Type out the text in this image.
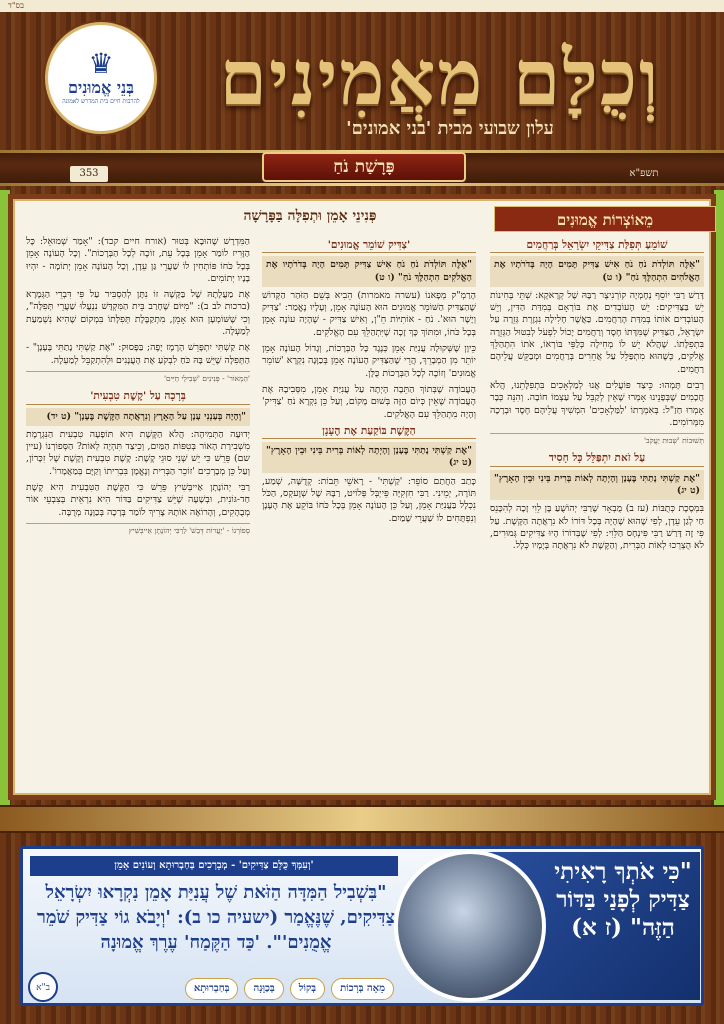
בס"ד
♛
בְּנֵי אֱמוּנִים
להרבות חיים בית המדרש לאמונה	וְכֻלָּם מַאֲמִינִים
עלון שבועי מבית 'בני אמונים'
פָּרָשַׁת נֹחַ
353	תשפ"א
מֵאוֹצְרוֹת אֱמוּנִים
פְּנִינֵי אָמֵן וּתְפִלָּה בַּפָּרָשָׁה
שׁוֹמֵעַ תְּפִלַּת צַדִּיקֵי יִשְׂרָאֵל בְּרַחֲמִים
"אֵלֶּה תּוֹלְדֹת נֹחַ נֹחַ אִישׁ צַדִּיק תָּמִים הָיָה בְּדֹרֹתָיו אֶת הָאֱלֹהִים הִתְהַלֶּךְ נֹחַ" (ו ט)
דָּרַשׁ רַבִּי יוֹסֵף נְחֶמְיָה קוֹרְנִיצֶר רַבָּהּ שֶׁל קְרָאקָא: שְׁתֵּי בְּחִינוֹת יֵשׁ בַּצַּדִּיקִים: יֵשׁ הָעוֹבְדִים אֶת בּוֹרְאָם בְּמִדַּת הַדִּין, וְיֵשׁ הָעוֹבְדִים אוֹתוֹ בְּמִדַּת הָרַחֲמִים. כַּאֲשֶׁר חָלִילָה נִגְזֶרֶת גְּזֵרָה עַל יִשְׂרָאֵל, הַצַּדִּיק שֶׁמִּדָּתוֹ חֶסֶד וְרַחֲמִים יָכוֹל לִפְעֹל לְבִטּוּל הַגְּזֵרָה בִּתְפִלָּתוֹ. שֶׁהֲלֹא יֵשׁ לוֹ מְחִילָה כְּלַפֵּי בּוֹרְאוֹ, אֹתוֹ הִתְהַלֵּךְ אֱלֹקִים, כְּשֶׁהוּא מִתְפַּלֵּל עַל אֲחֵרִים בְּרַחֲמִים וּמְבַקֵּשׁ עֲלֵיהֶם רַחֲמִים.
רְבִים תָּמְהוּ: כֵּיצַד פּוֹעֲלִים אֲנוּ לְמַלְאָכִים בִּתְפִלָּתֵנוּ, הֲלֹא חֲכָמִים שֶׁבְּפָנֵינוּ אָמְרוּ שֶׁאֵין לְקַבֵּל עַל עַצְמוֹ חוֹבָה. וְהִנֵּה כְּבָר אָמְרוּ חַזַ"ל: בְּאִמְרָתוֹ 'לַמַּלְאָכִים' הִמְשִׁיךְ עֲלֵיהֶם חֶסֶד וּבְרָכָה מִמְּרוֹמִים.
תְּשׁוּבוֹת 'שְׁבוּת יַעֲקֹב'
עַל זֹאת יִתְפַּלֵּל כָּל חָסִיד
"אֶת קַשְׁתִּי נָתַתִּי בֶּעָנָן וְהָיְתָה לְאוֹת בְּרִית בֵּינִי וּבֵין הָאָרֶץ" (ט יג)
בִּמְסֶכֶת כְּתֻבּוֹת (עז ב) מֻבְאָר שֶׁרַבִּי יְהוֹשֻׁעַ בֶּן לֵוִי זָכָה לְהִכָּנֵס חַי לְגַן עֵדֶן, לְפִי שֶׁהוּא שֶׁהָיָה בְּכָל דּוֹרוֹ לֹא נִרְאֲתָה הַקֶּשֶׁת. עַל פִּי זֶה דָּרַשׁ רַבִּי פִּינְחָס הַלֵּוִי: לְפִי שֶׁבְּדוֹרוֹ הָיוּ צַדִּיקִים גְּמוּרִים, לֹא הֻצְרְכוּ לְאוֹת הַבְּרִית, וְהַקֶּשֶׁת לֹא נִרְאֲתָה בְּיָמָיו כְּלָל.
'צַדִּיק שׁוֹמֵר אֱמוּנִים'
"אֵלֶּה תּוֹלְדֹת נֹחַ נֹחַ אִישׁ צַדִּיק תָּמִים הָיָה בְּדֹרֹתָיו אֶת הָאֱלֹקִים הִתְהַלֶּךְ נֹחַ" (ו ט)
הָרַמְ"ק מְפָאנוֹ (עשרה מאמרות) הֵבִיא בְּשֵׁם הַזֹּהַר הַקָּדוֹשׁ שֶׁהַצַּדִּיק הַשּׁוֹמֵר אֱמוּנִים הוּא הָעוֹנֶה אָמֵן, וְעָלָיו נֶאֱמַר: 'צַדִּיק וְיָשָׁר הוּא'. נֹחַ - אוֹתִיּוֹת חֵ"ן, וְאִישׁ צַדִּיק - שֶׁהָיָה עוֹנֶה אָמֵן בְּכָל כֹּחוֹ, וּמִתּוֹךְ כָּךְ זָכָה שֶׁיִּתְהַלֵּךְ עִם הָאֱלֹקִים.
כֵּיוָן שֶׁשְּׁקוּלָה עֲנִיַּת אָמֵן כְּנֶגֶד כָּל הַבְּרָכוֹת, וְגָדוֹל הָעוֹנֶה אָמֵן יוֹתֵר מִן הַמְבָרֵךְ, הֲרֵי שֶׁהַצַּדִּיק הָעוֹנֶה אָמֵן בְּכַוָּנָה נִקְרָא 'שׁוֹמֵר אֱמוּנִים' וְזוֹכֶה לְכָל הַבְּרָכוֹת כֻּלָּן.
הָעֲבוֹדָה שֶׁבְּתוֹךְ הַתֵּבָה הָיְתָה עַל עֲנִיַּת אָמֵן, מִסְּבִיבָהּ אֶת הָעֲבוֹדָה שֶׁאֵין כְּיוֹם הַזֶּה בְּשׁוּם מָקוֹם, וְעַל כֵּן נִקְרָא נֹחַ 'צַדִּיק' וְהָיָה מִתְהַלֵּךְ עִם הָאֱלֹקִים.
הַקֶּשֶׁת בּוֹקַעַת אֶת הֶעָנָן
"אֶת קַשְׁתִּי נָתַתִּי בֶּעָנָן וְהָיְתָה לְאוֹת בְּרִית בֵּינִי וּבֵין הָאָרֶץ" (ט יג)
כָּתַב הַחֲתַם סוֹפֵר: 'קַשְׁתִּי' - רָאשֵׁי תֵּבוֹת: קְדֻשָּׁה, שְׁמַע, תּוֹרָה, יְמֵינִי. רַבִּי חִזְקִיָּה פֵּייְבְּל פְּלוֹיט, רַבָּהּ שֶׁל שְׁוֶעקְס, הַכֹּל נִכְלָל בַּעֲנִיַּת אָמֵן, וְעַל כֵּן הָעוֹנֶה אָמֵן בְּכָל כֹּחוֹ בּוֹקֵעַ אֶת הֶעָנָן וְנִפְתָּחִים לוֹ שַׁעֲרֵי שָׁמַיִם.
הַמִּדְרָשׁ שֶׁהוּבָא בְּטוּר (אורח חיים קכד): "אָמַר שְׁמוּאֵל: כָּל הַזָּרִיז לוֹמַר אָמֵן בְּכָל עֵת, זוֹכֶה לְכָל הַבְּרָכוֹת". וְכָל הָעוֹנֶה אָמֵן בְּכָל כֹּחוֹ פּוֹתְחִין לוֹ שַׁעֲרֵי גַּן עֵדֶן, וְכָל הָעוֹנֶה אָמֵן יְתוֹמָה - יִהְיוּ בָנָיו יְתוֹמִים.
אֶת מַעֲלָתָהּ שֶׁל בַּקָּשָׁה זוֹ נִתָּן לְהַסְבִּיר עַל פִּי דִּבְרֵי הַגְּמָרָא (ברכות לב ב): "מִיּוֹם שֶׁחָרַב בֵּית הַמִּקְדָּשׁ נִנְעֲלוּ שַׁעֲרֵי תְּפִלָּה", וְכִי שֶׁשּׁוֹמְעָן הוּא אָמֵן, מִתְקַבֶּלֶת תְּפִלָּתוֹ בִּמְקוֹם שֶׁהִיא נִשְׁמַעַת לְמַעְלָה.
אֶת קַשְׁתִּי יִתְפָּרֵשׁ הָרֶמֶז יָפֶה; בַּפָּסוּק: "אֶת קַשְׁתִּי נָתַתִּי בֶּעָנָן" - הַתְּפִלָּה שֶׁיֵּשׁ בָּהּ כֹּחַ לִבְקֹעַ אֶת הָעֲנָנִים וּלְהִתְקַבֵּל לְמַעְלָה.
'הַמְאוֹר' - פְּנִינִים 'שְׁבִילֵי חַיִּים'
בְּרָכָה עַל 'קֶשֶׁת טִבְעִית'
"וְהָיָה בְּעַנְנִי עָנָן עַל הָאָרֶץ וְנִרְאֲתָה הַקֶּשֶׁת בֶּעָנָן" (ט יד)
יְדוּעָה הַתְּמִיהָה: הֲלֹא הַקֶּשֶׁת הִיא תּוֹפָעָה טִבְעִית הַנִּגְרֶמֶת מִשְׁבִירַת הָאוֹר בְּטִפּוֹת הַמַּיִם, וְכֵיצַד תִּהְיֶה לְאוֹת? הַסְּפוֹרְנוֹ (עיין שם) פֵּרֵשׁ כִּי יֵשׁ שְׁנֵי סוּגֵי קֶשֶׁת: קֶשֶׁת טִבְעִית וְקֶשֶׁת שֶׁל זִכָּרוֹן, וְעַל כֵּן מְבָרְכִים 'זוֹכֵר הַבְּרִית וְנֶאֱמָן בִּבְרִיתוֹ וְקַיָּם בְּמַאֲמָרוֹ'.
רַבִּי יְהוֹנָתָן אַייבְּשִׁיץ פֵּרֵשׁ כִּי הַקֶּשֶׁת הַטִּבְעִית הִיא קֶשֶׁת חַד-גּוֹנִית, וּבְשָׁעָה שֶׁיֵּשׁ צַדִּיקִים בַּדּוֹר הִיא נִרְאֵית בְּצִבְעֵי אוֹר מְבֻהָקִים, וְהָרוֹאֶה אוֹתָהּ צָרִיךְ לוֹמַר בְּרָכָה בְּכַוָּנָה מְרֻבָּה.
סְפוֹרְנוֹ - 'יַעֲרוֹת דְּבַשׁ' לַרַבִּי יְהוֹנָתָן אַייבְּשִׁיץ
"כִּי אֹתְךָ רָאִיתִי צַדִּיק לְפָנַי בַּדּוֹר הַזֶּה" (ז א)
'וְעִמְּךָ כֻּלָּם צַדִּיקִים' - מְבָרְכִים בְּחַבְרוּתָא וְעוֹנִים אָמֵן
"בִּשְׁבִיל הַמִּדָּה הַזֹּאת שֶׁל עֲנִיַּת אָמֵן נִקְרָאוּ יִשְׂרָאֵל צַדִּיקִים, שֶׁנֶּאֱמַר (ישעיה כו ב): 'וְיָבֹא גוֹי צַדִּיק שֹׁמֵר אֱמֻנִים'". 'כַּד הַקֶּמַח' עֶרֶךְ אֱמוּנָה
מֵאָה בְּרָכוֹת
בְּקוֹל
בְּכַוָּנָה
בְּחַבְרוּתָא
ב"א
